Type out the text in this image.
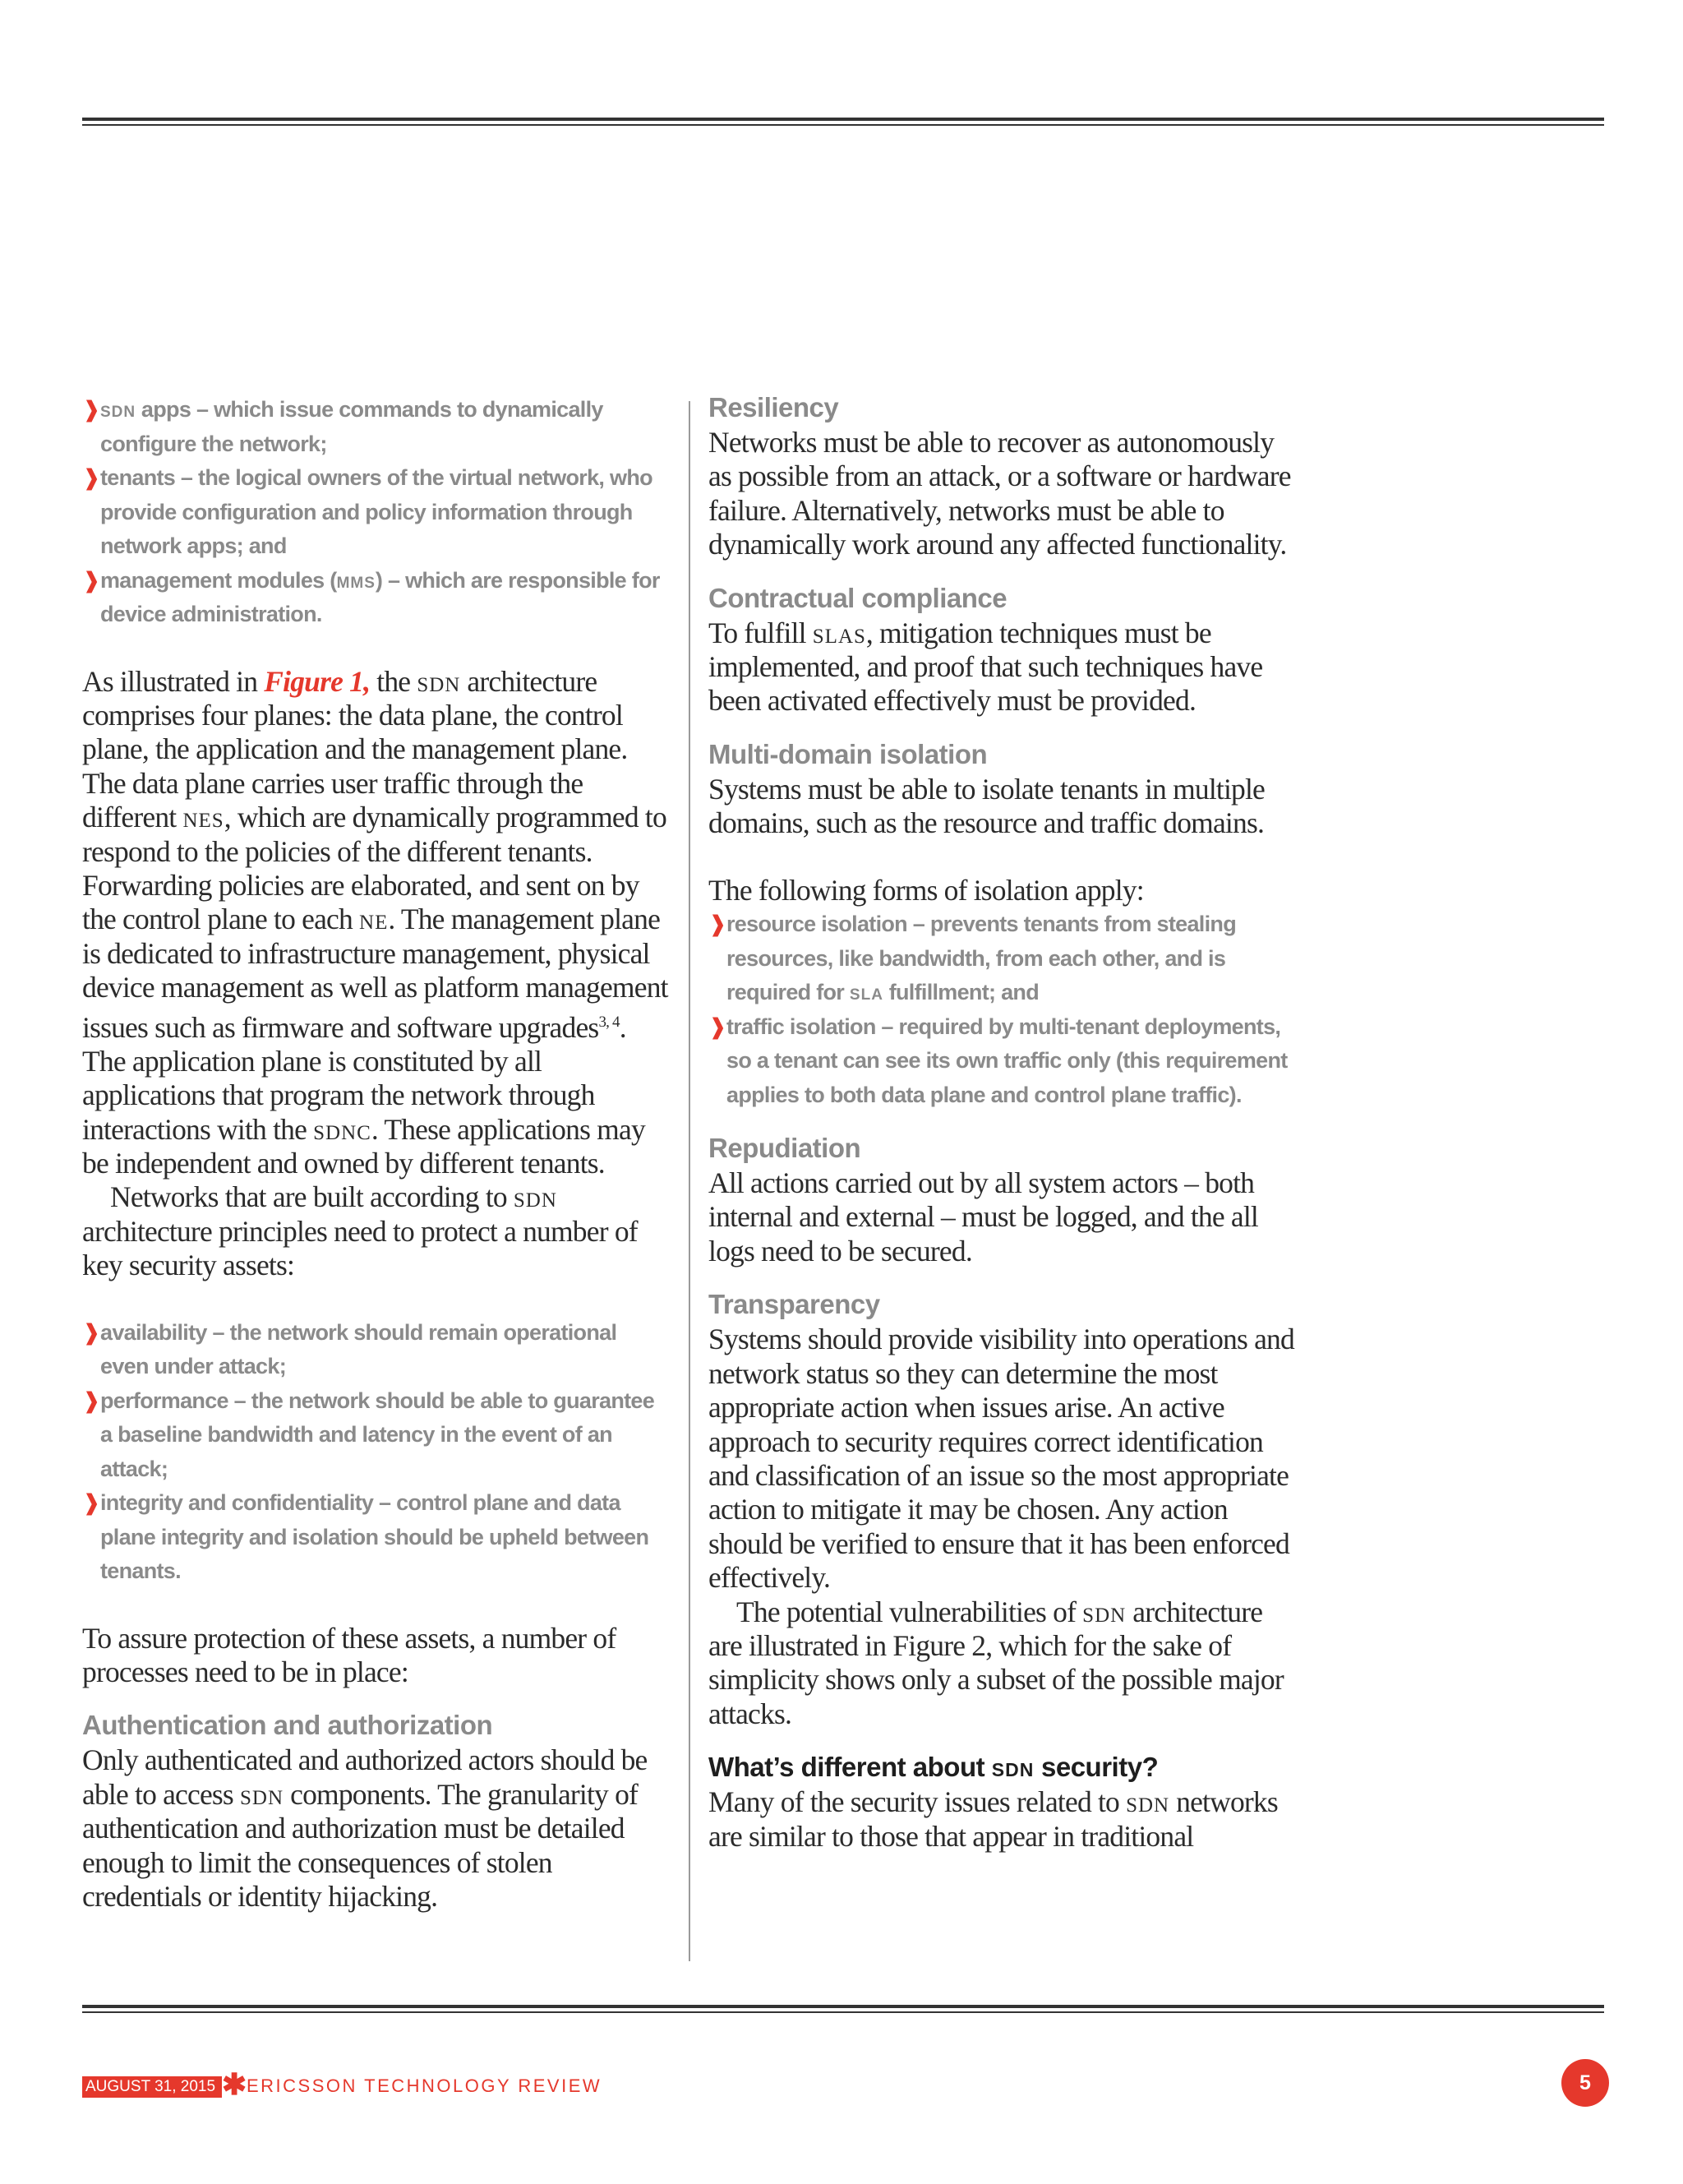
❱ sdn apps – which issue commands to dynamically configure the network;
❱ tenants – the logical owners of the virtual network, who provide configuration and policy information through network apps; and
❱ management modules (mms) – which are responsible for device administration.

As illustrated in Figure 1, the sdn architecture comprises four planes: the data plane, the control plane, the application and the management plane. The data plane carries user traffic through the different nes, which are dynamically programmed to respond to the policies of the different tenants. Forwarding policies are elaborated, and sent on by the control plane to each ne. The management plane is dedicated to infrastructure management, physical device management as well as platform management issues such as firmware and software upgrades$^{3, 4}$. The application plane is constituted by all applications that program the network through interactions with the sdnc. These applications may be independent and owned by different tenants.

Networks that are built according to sdn architecture principles need to protect a number of key security assets:

❱ availability – the network should remain operational even under attack;
❱ performance – the network should be able to guarantee a baseline bandwidth and latency in the event of an attack;
❱ integrity and confidentiality – control plane and data plane integrity and isolation should be upheld between tenants.

To assure protection of these assets, a number of processes need to be in place:

Authentication and authorization

Only authenticated and authorized actors should be able to access sdn components. The granularity of authentication and authorization must be detailed enough to limit the consequences of stolen credentials or identity hijacking.

Resiliency

Networks must be able to recover as autonomously as possible from an attack, or a software or hardware failure. Alternatively, networks must be able to dynamically work around any affected functionality.

Contractual compliance

To fulfill slas, mitigation techniques must be implemented, and proof that such techniques have been activated effectively must be provided.

Multi-domain isolation

Systems must be able to isolate tenants in multiple domains, such as the resource and traffic domains.

The following forms of isolation apply:

❱ resource isolation – prevents tenants from stealing resources, like bandwidth, from each other, and is required for sla fulfillment; and
❱ traffic isolation – required by multi-tenant deployments, so a tenant can see its own traffic only (this requirement applies to both data plane and control plane traffic).
Repudiation

All actions carried out by all system actors – both internal and external – must be logged, and the all logs need to be secured.

Transparency

Systems should provide visibility into operations and network status so they can determine the most appropriate action when issues arise. An active approach to security requires correct identification and classification of an issue so the most appropriate action to mitigate it may be chosen. Any action should be verified to ensure that it has been enforced effectively.

The potential vulnerabilities of sdn architecture are illustrated in Figure 2, which for the sake of simplicity shows only a subset of the possible major attacks.

What’s different about sdn security?

Many of the security issues related to sdn networks are similar to those that appear in traditional

AUGUST 31, 2015 ✱ ERICSSON TECHNOLOGY REVIEW	5
